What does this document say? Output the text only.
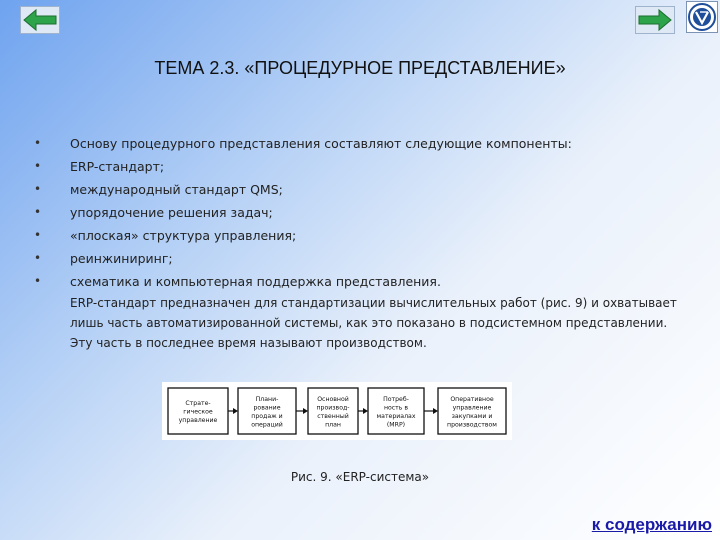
ТЕМА 2.3. «ПРОЦЕДУРНОЕ ПРЕДСТАВЛЕНИЕ»
• Основу процедурного представления составляют следующие компоненты:
• ERP-стандарт;
• международный стандарт QMS;
• упорядочение решения задач;
• «плоская» структура управления;
• реинжиниринг;
• схематика и компьютерная поддержка представления.
ERP-стандарт предназначен для стандартизации вычислительных работ (рис. 9) и охватывает лишь часть автоматизированной системы, как это показано в подсистемном представлении. Эту часть в последнее время называют производством.
Страте-
гическое
управление
Плани-
рование
продаж и
операций
Основной
производ-
ственный
план
Потреб-
ность в
материалах
(MRP)
Оперативное
управление
закупками и
производством
Рис. 9. «ERP-система»
к содержанию
